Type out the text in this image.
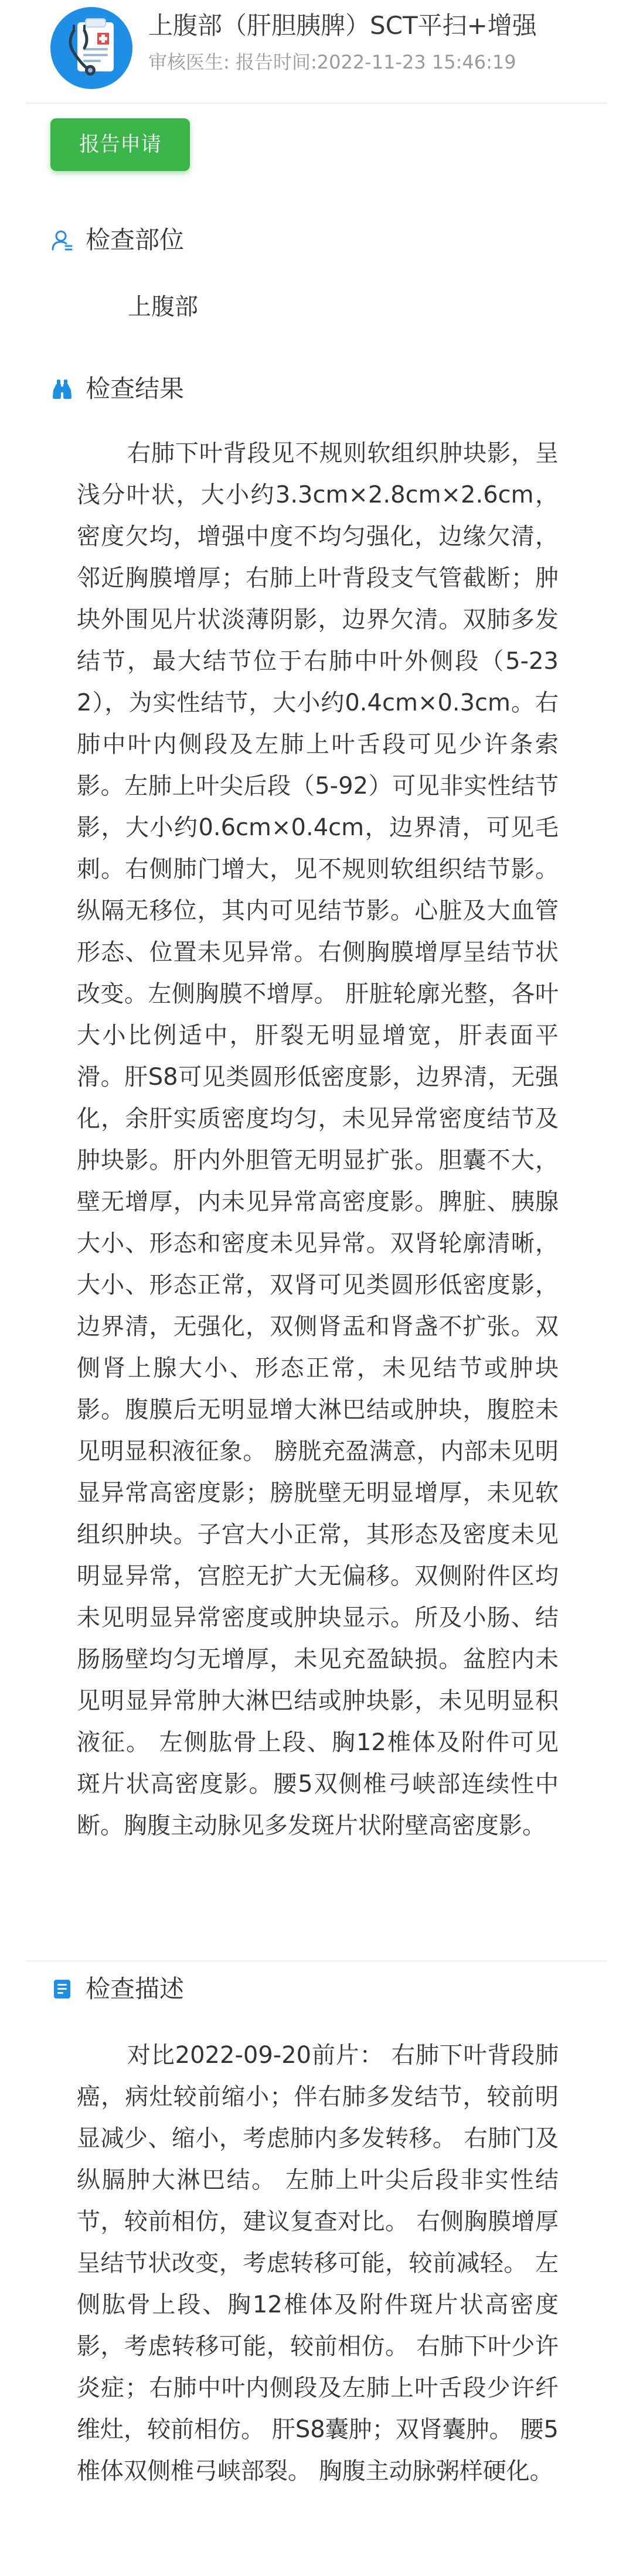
上腹部（肝胆胰脾）SCT平扫+增强
审核医生: 报告时间:2022-11-23 15:46:19
报告申请
检查部位
上腹部
检查结果

右肺下叶背段见不规则软组织肿块影，呈浅分叶状，大小约3.3cm×2.8cm×2.6cm，密度欠均，增强中度不均匀强化，边缘欠清，邻近胸膜增厚；右肺上叶背段支气管截断；肿块外围见片状淡薄阴影，边界欠清。双肺多发结节，最大结节位于右肺中叶外侧段（5-232），为实性结节，大小约0.4cm×0.3cm。右肺中叶内侧段及左肺上叶舌段可见少许条索影。左肺上叶尖后段（5-92）可见非实性结节影，大小约0.6cm×0.4cm，边界清，可见毛刺。右侧肺门增大，见不规则软组织结节影。纵隔无移位，其内可见结节影。心脏及大血管形态、位置未见异常。右侧胸膜增厚呈结节状改变。左侧胸膜不增厚。 肝脏轮廓光整，各叶大小比例适中，肝裂无明显增宽，肝表面平滑。肝S8可见类圆形低密度影，边界清，无强化，余肝实质密度均匀，未见异常密度结节及肿块影。肝内外胆管无明显扩张。胆囊不大，壁无增厚，内未见异常高密度影。脾脏、胰腺大小、形态和密度未见异常。双肾轮廓清晰，大小、形态正常，双肾可见类圆形低密度影，边界清，无强化，双侧肾盂和肾盏不扩张。双侧肾上腺大小、形态正常，未见结节或肿块影。腹膜后无明显增大淋巴结或肿块，腹腔未见明显积液征象。 膀胱充盈满意，内部未见明显异常高密度影；膀胱壁无明显增厚，未见软组织肿块。子宫大小正常，其形态及密度未见明显异常，宫腔无扩大无偏移。双侧附件区均未见明显异常密度或肿块显示。所及小肠、结肠肠壁均匀无增厚，未见充盈缺损。盆腔内未见明显异常肿大淋巴结或肿块影，未见明显积液征。 左侧肱骨上段、胸12椎体及附件可见斑片状高密度影。腰5双侧椎弓峡部连续性中断。胸腹主动脉见多发斑片状附壁高密度影。

检查描述

对比2022-09-20前片： 右肺下叶背段肺癌，病灶较前缩小；伴右肺多发结节，较前明显减少、缩小，考虑肺内多发转移。 右肺门及纵膈肿大淋巴结。 左肺上叶尖后段非实性结节，较前相仿，建议复查对比。 右侧胸膜增厚呈结节状改变，考虑转移可能，较前减轻。 左侧肱骨上段、胸12椎体及附件斑片状高密度影，考虑转移可能，较前相仿。 右肺下叶少许炎症；右肺中叶内侧段及左肺上叶舌段少许纤维灶，较前相仿。 肝S8囊肿；双肾囊肿。 腰5椎体双侧椎弓峡部裂。 胸腹主动脉粥样硬化。
